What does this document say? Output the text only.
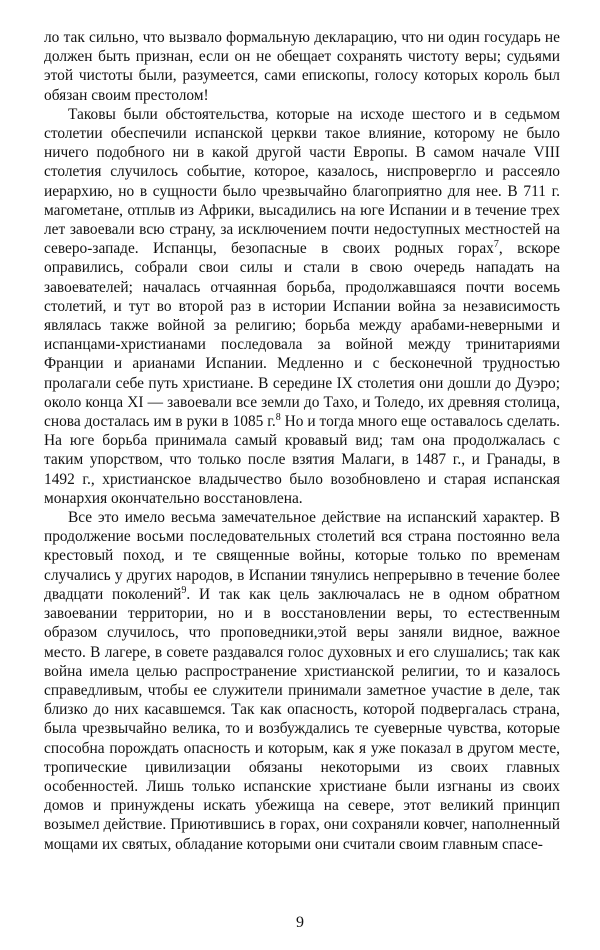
ло так сильно, что вызвало формальную декларацию, что ни один государь не должен быть признан, если он не обещает сохранять чистоту веры; судьями этой чистоты были, разумеется, сами епископы, голосу которых король был обязан своим престолом!

Таковы были обстоятельства, которые на исходе шестого и в седьмом столетии обеспечили испанской церкви такое влияние, которому не было ничего подобного ни в какой другой части Европы. В самом начале VIII столетия случилось событие, которое, казалось, ниспровергло и рассеяло иерархию, но в сущности было чрезвычайно благоприятно для нее. В 711 г. магометане, отплыв из Африки, высадились на юге Испании и в течение трех лет завоевали всю страну, за исключением почти недоступных местностей на северо-западе. Испанцы, безопасные в своих родных горах$^7$, вскоре оправились, собрали свои силы и стали в свою очередь нападать на завоевателей; началась отчаянная борьба, продолжавшаяся почти восемь столетий, и тут во второй раз в истории Испании война за независимость являлась также войной за религию; борьба между арабами-неверными и испанцами-христианами последовала за войной между тринитариями Франции и арианами Испании. Медленно и с бесконечной трудностью пролагали себе путь христиане. В середине IX столетия они дошли до Дуэро; около конца XI — завоевали все земли до Тахо, и Толедо, их древняя столица, снова досталась им в руки в 1085 г.$^8$ Но и тогда много еще оставалось сделать. На юге борьба принимала самый кровавый вид; там она продолжалась с таким упорством, что только после взятия Малаги, в 1487 г., и Гранады, в 1492 г., христианское владычество было возобновлено и старая испанская монархия окончательно восстановлена.

Все это имело весьма замечательное действие на испанский характер. В продолжение восьми последовательных столетий вся страна постоянно вела крестовый поход, и те священные войны, которые только по временам случались у других народов, в Испании тянулись непрерывно в течение более двадцати поколений$^9$. И так как цель заключалась не в одном обратном завоевании территории, но и в восстановлении веры, то естественным образом случилось, что проповедники,этой веры заняли видное, важное место. В лагере, в совете раздавался голос духовных и его слушались; так как война имела целью распространение христианской религии, то и казалось справедливым, чтобы ее служители принимали заметное участие в деле, так близко до них касавшемся. Так как опасность, которой подвергалась страна, была чрезвычайно велика, то и возбуждались те суеверные чувства, которые способна порождать опасность и которым, как я уже показал в другом месте, тропические цивилизации обязаны некоторыми из своих главных особенностей. Лишь только испанские христиане были изгнаны из своих домов и принуждены искать убежища на севере, этот великий принцип возымел действие. Приютившись в горах, они сохраняли ковчег, наполненный мощами их святых, обладание которыми они считали своим главным спасе-

9
